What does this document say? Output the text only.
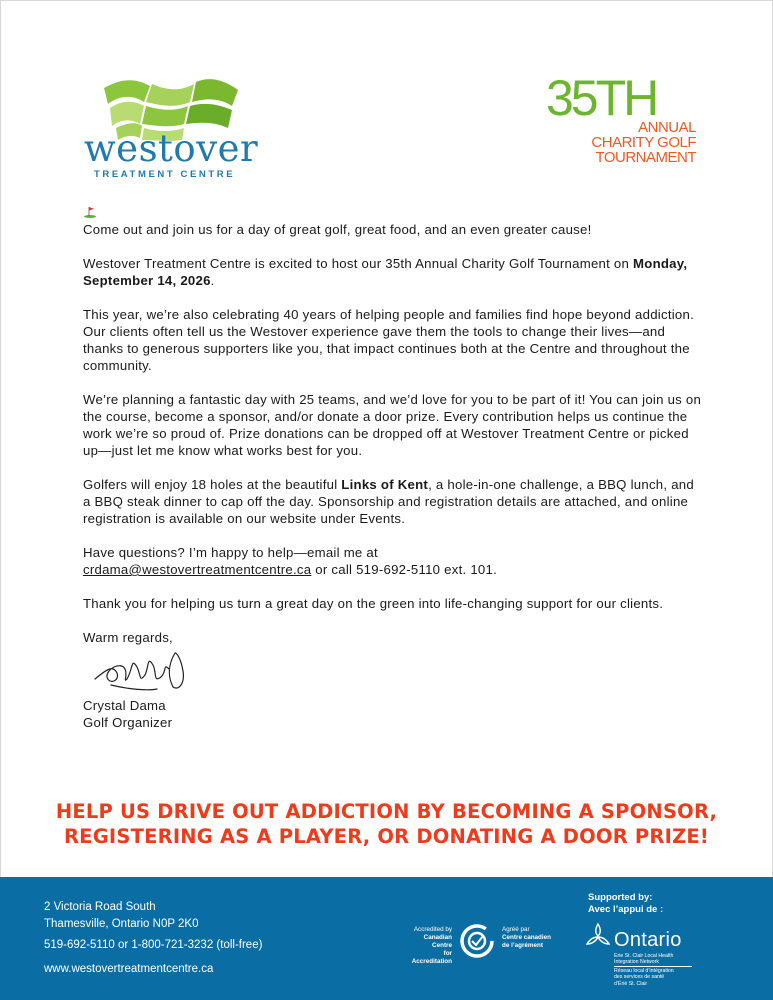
westover
TREATMENT CENTRE
35TH
ANNUAL
CHARITY GOLF
TOURNAMENT

Come out and join us for a day of great golf, great food, and an even greater cause!

Westover Treatment Centre is excited to host our 35th Annual Charity Golf Tournament on Monday, September 14, 2026.

This year, we’re also celebrating 40 years of helping people and families find hope beyond addiction. Our clients often tell us the Westover experience gave them the tools to change their lives—and thanks to generous supporters like you, that impact continues both at the Centre and throughout the community.

We’re planning a fantastic day with 25 teams, and we’d love for you to be part of it! You can join us on the course, become a sponsor, and/or donate a door prize. Every contribution helps us continue the work we’re so proud of. Prize donations can be dropped off at Westover Treatment Centre or picked up—just let me know what works best for you.

Golfers will enjoy 18 holes at the beautiful Links of Kent, a hole-in-one challenge, a BBQ lunch, and a BBQ steak dinner to cap off the day. Sponsorship and registration details are attached, and online registration is available on our website under Events.

Have questions? I’m happy to help—email me at
crdama@westovertreatmentcentre.ca or call 519-692-5110 ext. 101.

Thank you for helping us turn a great day on the green into life-changing support for our clients.

Warm regards,

Crystal Dama
Golf Organizer
HELP US DRIVE OUT ADDICTION BY BECOMING A SPONSOR,
REGISTERING AS A PLAYER, OR DONATING A DOOR PRIZE!
2 Victoria Road South
Thamesville, Ontario N0P 2K0
519-692-5110 or 1-800-721-3232 (toll-free)
www.westovertreatmentcentre.ca
Accredited by
Canadian Centre
for Accreditation
Agréé par
Centre canadien
de l’agrément
Supported by:
Avec l’appui de :
Ontario
Erie St. Clair Local Health
Integration Network
Réseau local d’intégration
des services de santé
d’Érié St. Clair
